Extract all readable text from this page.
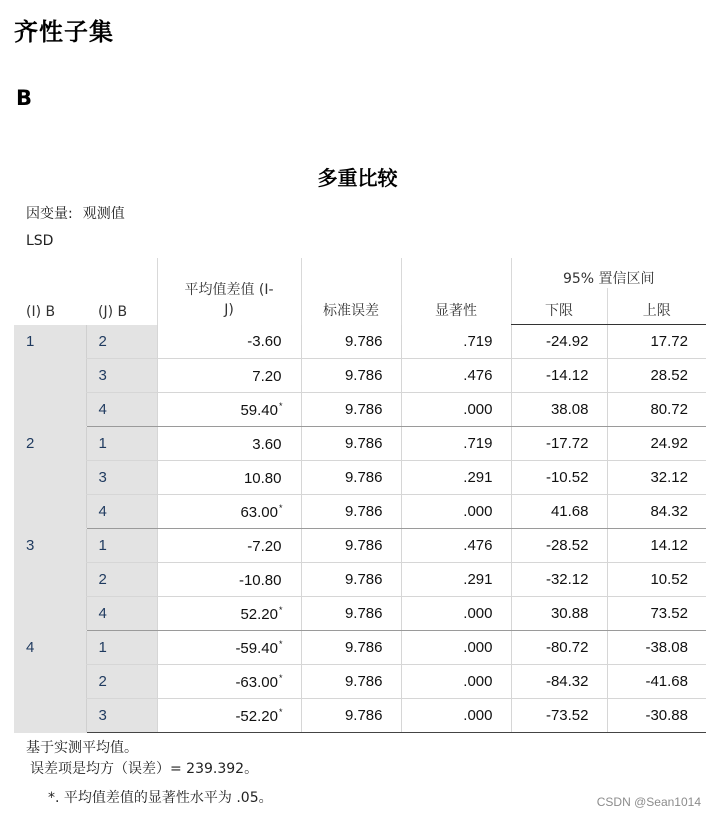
齐性子集
B
多重比较
因变量: 观测值
LSD
(I) B	(J) B	平均值差值 (I-
J)	标准误差	显著性	95% 置信区间	
					下限	上限
1	2	-3.60	9.786	.719	-24.92	17.72
	3	7.20	9.786	.476	-14.12	28.52
	4	59.40*	9.786	.000	38.08	80.72
2	1	3.60	9.786	.719	-17.72	24.92
	3	10.80	9.786	.291	-10.52	32.12
	4	63.00*	9.786	.000	41.68	84.32
3	1	-7.20	9.786	.476	-28.52	14.12
	2	-10.80	9.786	.291	-32.12	10.52
	4	52.20*	9.786	.000	30.88	73.52
4	1	-59.40*	9.786	.000	-80.72	-38.08
	2	-63.00*	9.786	.000	-84.32	-41.68
	3	-52.20*	9.786	.000	-73.52	-30.88
基于实测平均值。
误差项是均方（误差）= 239.392。
*. 平均值差值的显著性水平为 .05。	CSDN @Sean1014
